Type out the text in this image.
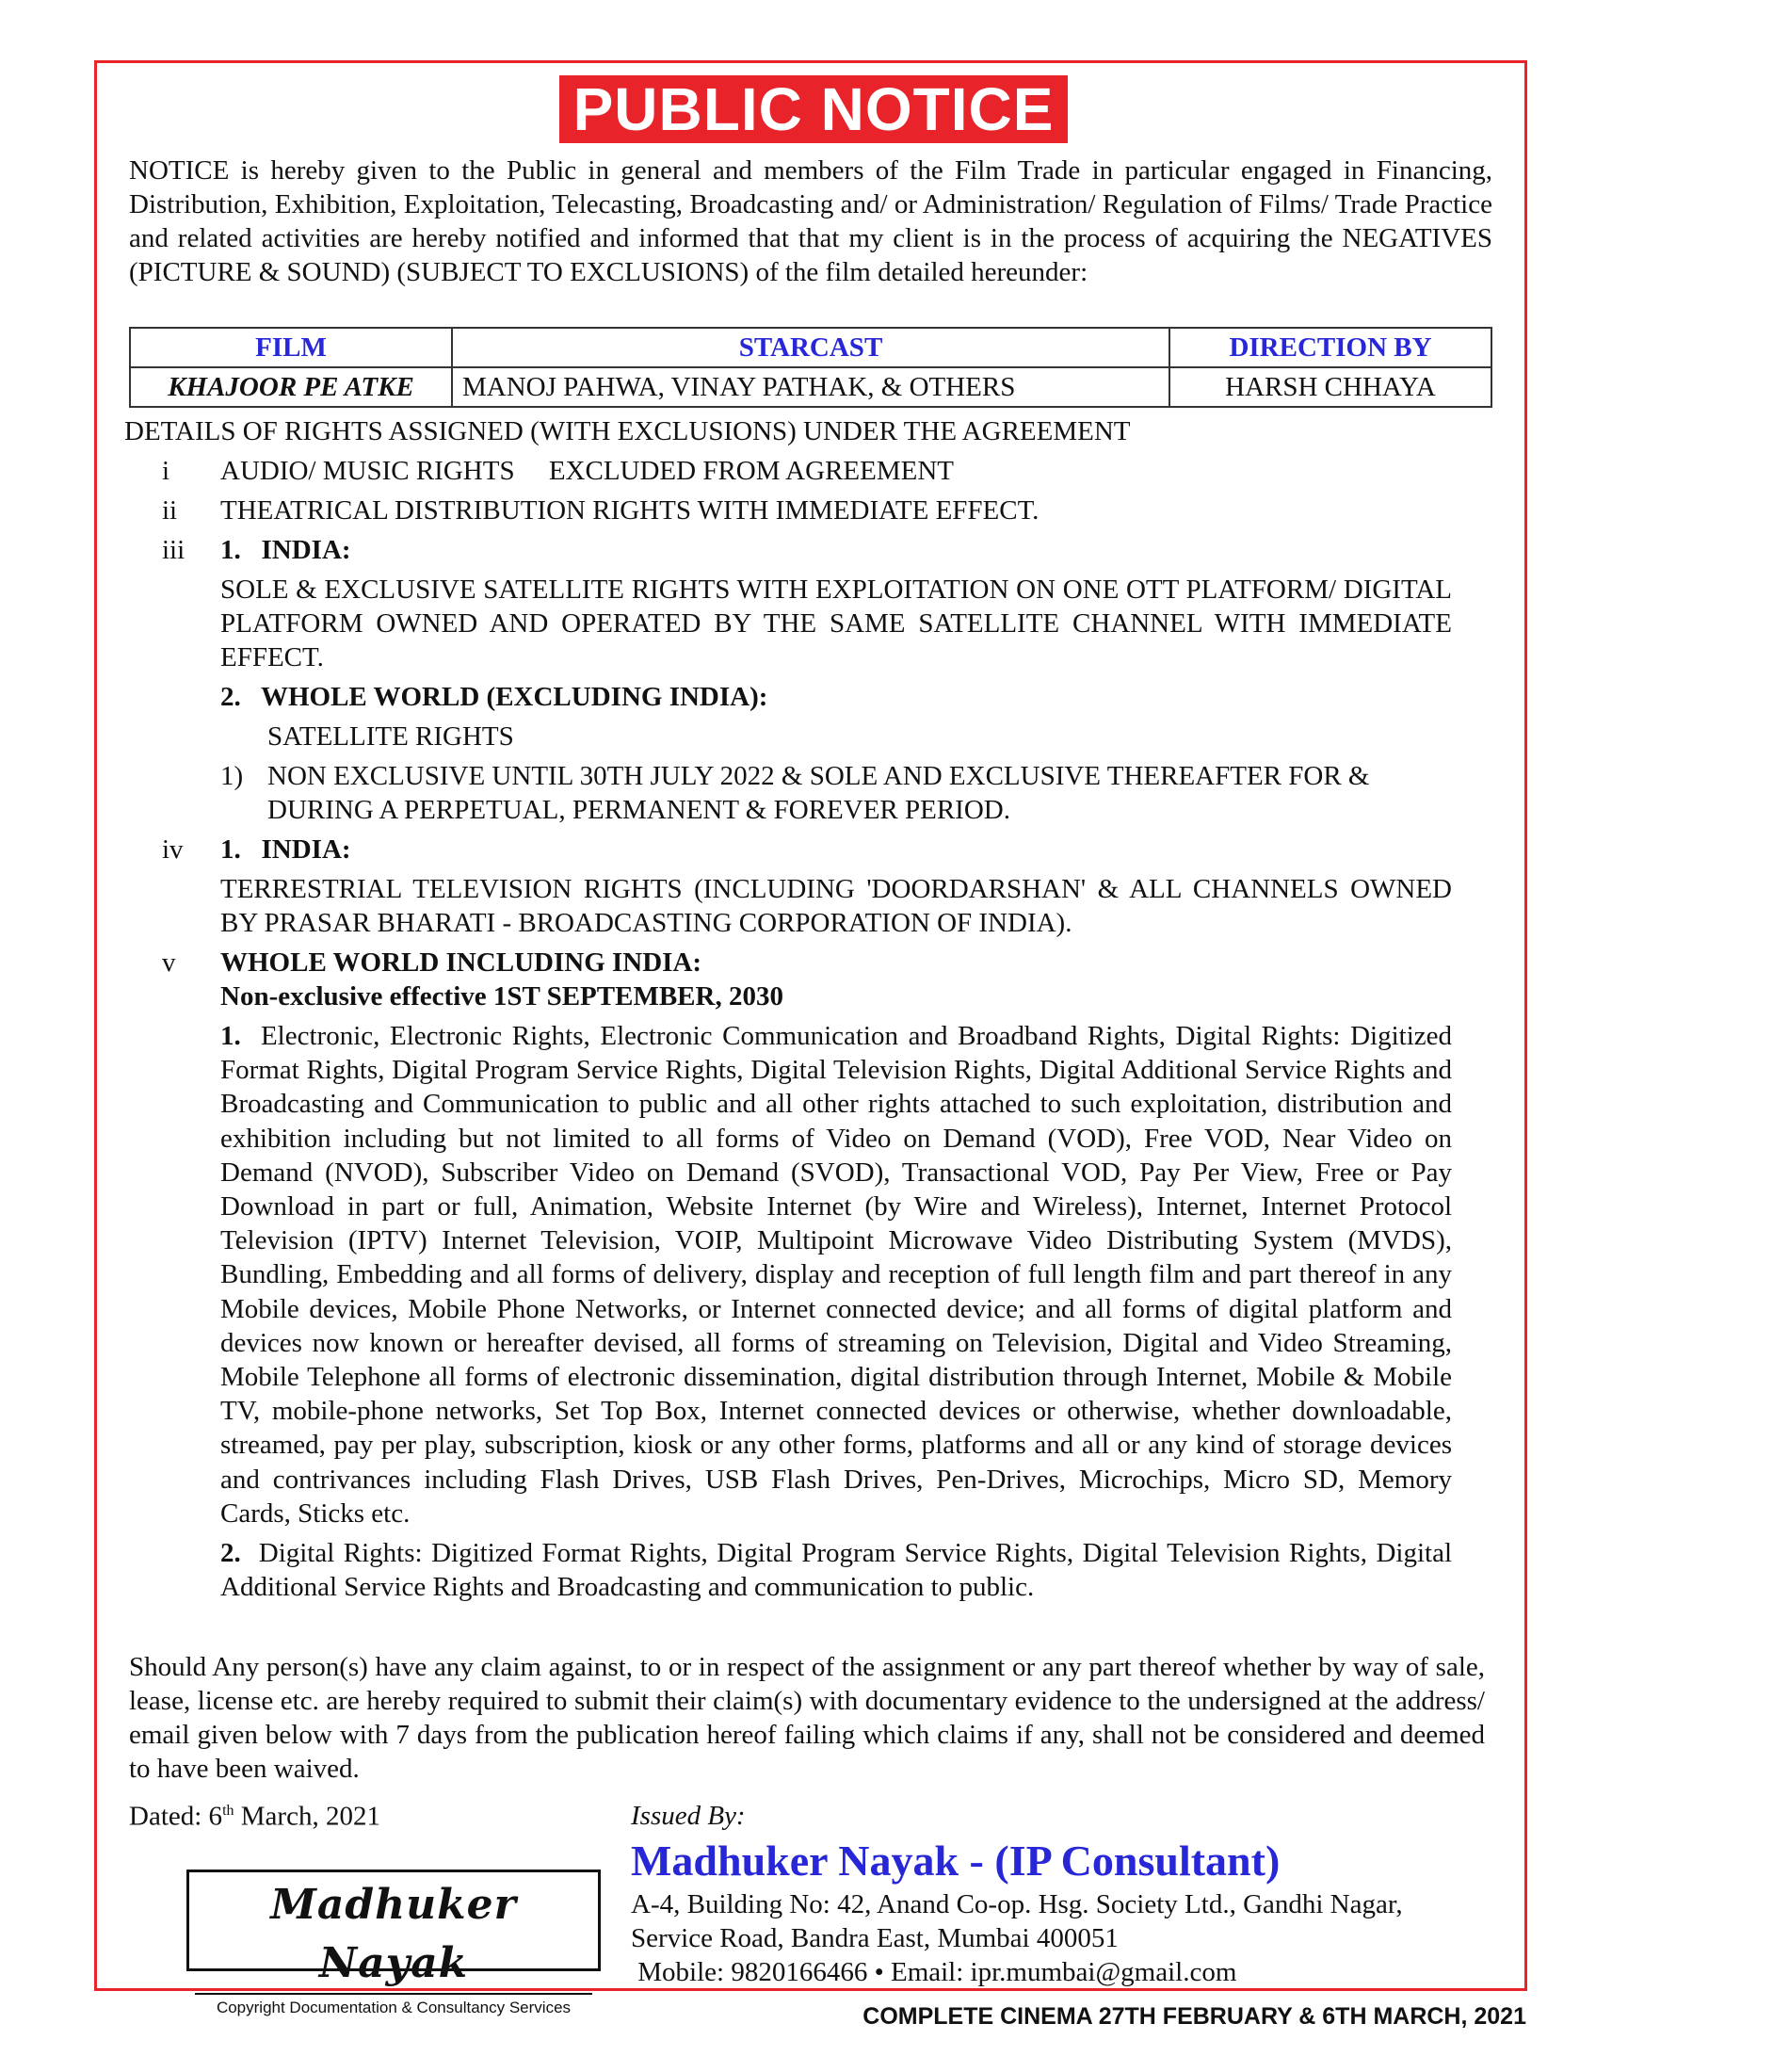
PUBLIC NOTICE
NOTICE is hereby given to the Public in general and members of the Film Trade in particular engaged in Financing, Distribution, Exhibition, Exploitation, Telecasting, Broadcasting and/ or Administration/ Regulation of Films/ Trade Practice and related activities are hereby notified and informed that that my client is in the process of acquiring the NEGATIVES (PICTURE & SOUND) (SUBJECT TO EXCLUSIONS) of the film detailed hereunder:
FILM	STARCAST	DIRECTION BY
KHAJOOR PE ATKE	MANOJ PAHWA, VINAY PATHAK, & OTHERS	HARSH CHHAYA
DETAILS OF RIGHTS ASSIGNED (WITH EXCLUSIONS) UNDER THE AGREEMENT
i	AUDIO/ MUSIC RIGHTS     EXCLUDED FROM AGREEMENT
ii	THEATRICAL DISTRIBUTION RIGHTS WITH IMMEDIATE EFFECT.
iii	1.   INDIA:
SOLE & EXCLUSIVE SATELLITE RIGHTS WITH EXPLOITATION ON ONE OTT PLATFORM/ DIGITAL PLATFORM OWNED AND OPERATED BY THE SAME SATELLITE CHANNEL WITH IMMEDIATE EFFECT.
2.   WHOLE WORLD (EXCLUDING INDIA):
SATELLITE RIGHTS
1) NON EXCLUSIVE UNTIL 30TH JULY 2022 & SOLE AND EXCLUSIVE THEREAFTER FOR & DURING A PERPETUAL, PERMANENT & FOREVER PERIOD.
iv	1.   INDIA:
TERRESTRIAL TELEVISION RIGHTS (INCLUDING 'DOORDARSHAN' & ALL CHANNELS OWNED BY PRASAR BHARATI - BROADCASTING CORPORATION OF INDIA).
v	WHOLE WORLD INCLUDING INDIA:
Non-exclusive effective 1ST SEPTEMBER, 2030
1. Electronic, Electronic Rights, Electronic Communication and Broadband Rights, Digital Rights: Digitized Format Rights, Digital Program Service Rights, Digital Television Rights, Digital Additional Service Rights and Broadcasting and Communication to public and all other rights attached to such exploitation, distribution and exhibition including but not limited to all forms of Video on Demand (VOD), Free VOD, Near Video on Demand (NVOD), Subscriber Video on Demand (SVOD), Transactional VOD, Pay Per View, Free or Pay Download in part or full, Animation, Website Internet (by Wire and Wireless), Internet, Internet Protocol Television (IPTV) Internet Television, VOIP, Multipoint Microwave Video Distributing System (MVDS), Bundling, Embedding and all forms of delivery, display and reception of full length film and part thereof in any Mobile devices, Mobile Phone Networks, or Internet connected device; and all forms of digital platform and devices now known or hereafter devised, all forms of streaming on Television, Digital and Video Streaming, Mobile Telephone all forms of electronic dissemination, digital distribution through Internet, Mobile & Mobile TV, mobile-phone networks, Set Top Box, Internet connected devices or otherwise, whether downloadable, streamed, pay per play, subscription, kiosk or any other forms, platforms and all or any kind of storage devices and contrivances including Flash Drives, USB Flash Drives, Pen-Drives, Microchips, Micro SD, Memory Cards, Sticks etc.
2. Digital Rights: Digitized Format Rights, Digital Program Service Rights, Digital Television Rights, Digital Additional Service Rights and Broadcasting and communication to public.
Should Any person(s) have any claim against, to or in respect of the assignment or any part thereof whether by way of sale, lease, license etc. are hereby required to submit their claim(s) with documentary evidence to the undersigned at the address/ email given below with 7 days from the publication hereof failing which claims if any, shall not be considered and deemed to have been waived.
Dated: 6th March, 2021	Issued By:
Madhuker Nayak - (IP Consultant)
A-4, Building No: 42, Anand Co-op. Hsg. Society Ltd., Gandhi Nagar,
Service Road, Bandra East, Mumbai 400051
Mobile: 9820166466 • Email: ipr.mumbai@gmail.com
Madhuker Nayak
Copyright Documentation & Consultancy Services	COMPLETE CINEMA 27TH FEBRUARY & 6TH MARCH, 2021
